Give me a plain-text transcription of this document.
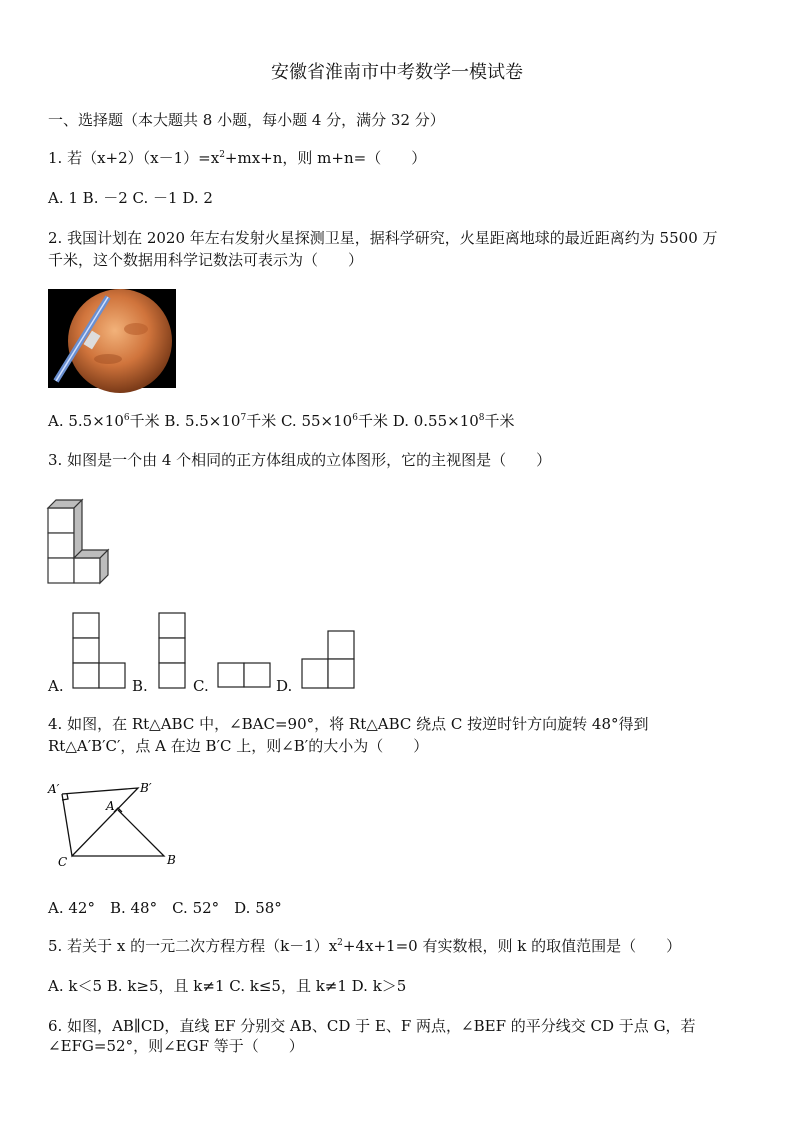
安徽省淮南市中考数学一模试卷
一、选择题（本大题共 8 小题，每小题 4 分，满分 32 分）
1. 若$(x+2)(x-1)=x^2+mx+n$，则 m+n=（　　）
A. 1 B. －2 C. －1 D. 2
2. 我国计划在 2020 年左右发射火星探测卫星，据科学研究，火星距离地球的最近距离约为 5500 万
千米，这个数据用科学记数法可表示为（　　）
A. $5.5\times 10^6$千米 B. $5.5\times 10^7$千米 C. $55\times 10^6$千米 D. $0.55\times 10^8$千米
3. 如图是一个由 4 个相同的正方体组成的立体图形，它的主视图是（　　）
A.	B.	C.	D.
4. 如图，在 Rt△ABC 中，∠BAC=90°，将 Rt△ABC 绕点 C 按逆时针方向旋转 48°得到
Rt△A′B′C′，点 A 在边 B′C 上，则∠B′的大小为（　　）
A′	B′
A
C	B
A. 42°　B. 48°　C. 52°　D. 58°
5. 若关于 x 的一元二次方程方程$(k-1)x^2+4x+1=0$ 有实数根，则 k 的取值范围是（　　）
A. k＜5 B. k≥5，且 k≠1 C. k≤5，且 k≠1 D. k＞5
6. 如图，AB∥CD，直线 EF 分别交 AB、CD 于 E、F 两点，∠BEF 的平分线交 CD 于点 G，若
∠EFG=52°，则∠EGF 等于（　　）
